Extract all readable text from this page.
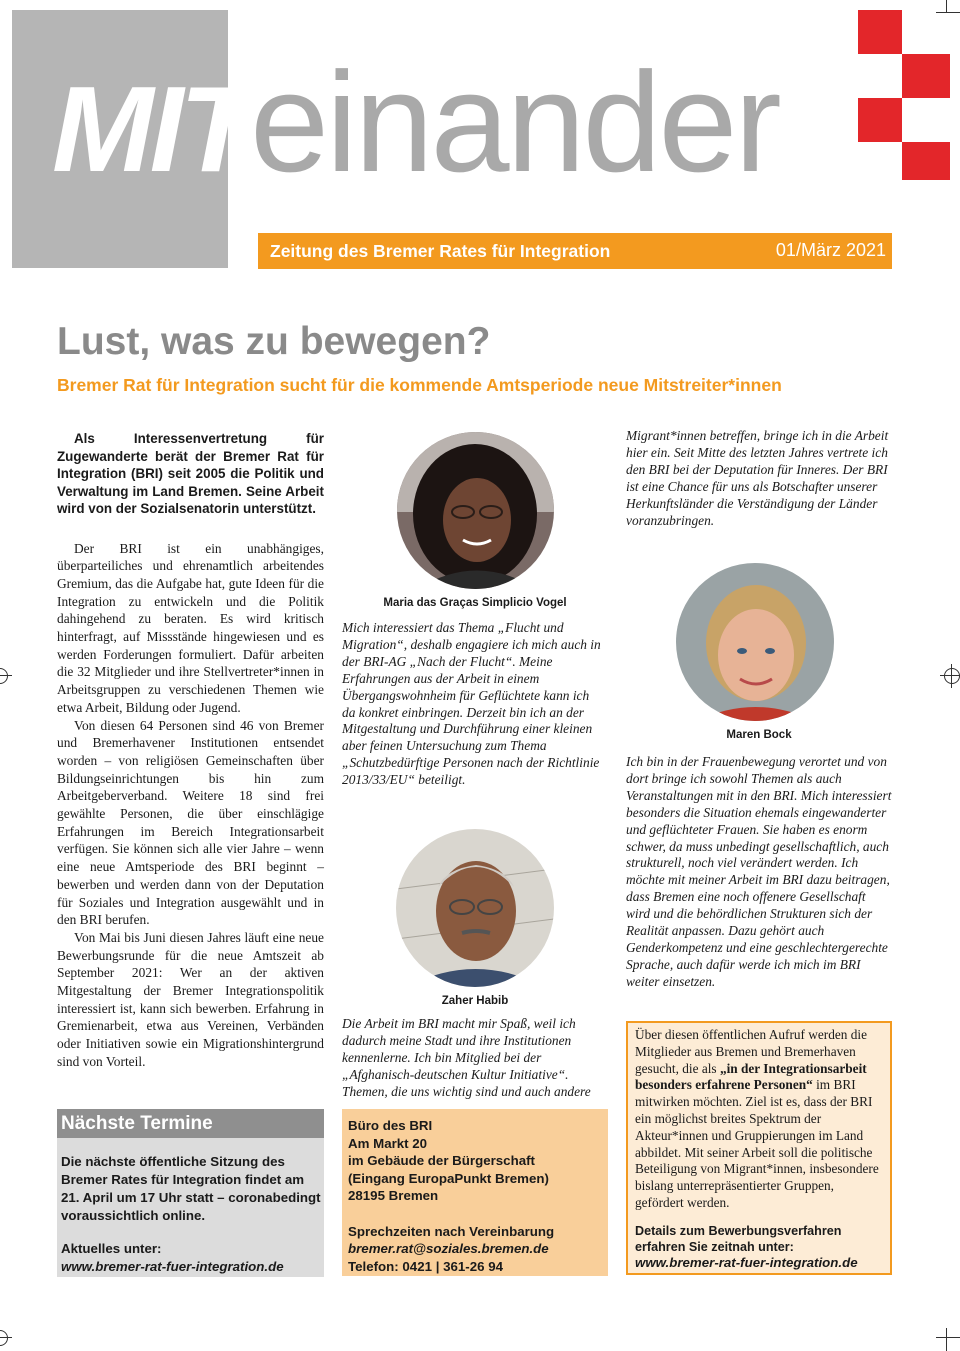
MITeinander
Zeitung des Bremer Rates für Integration	01/März 2021
Lust, was zu bewegen?
Bremer Rat für Integration sucht für die kommende Amtsperiode neue Mitstreiter*innen

Als Interessenvertretung für Zugewanderte berät der Bremer Rat für Integration (BRI) seit 2005 die Politik und Verwaltung im Land Bremen. Seine Arbeit wird von der Sozialsenatorin unterstützt.

Der BRI ist ein unabhängiges, überparteiliches und ehrenamtlich arbeitendes Gremium, das die Aufgabe hat, gute Ideen für die Integration zu entwickeln und die Politik dahingehend zu beraten. Es wird kritisch hinterfragt, auf Missstände hingewiesen und es werden Forderungen formuliert. Dafür arbeiten die 32 Mitglieder und ihre Stellvertreter*innen in Arbeitsgruppen zu verschiedenen Themen wie etwa Arbeit, Bildung oder Jugend.

Von diesen 64 Personen sind 46 von Bremer und Bremerhavener Institutionen entsendet worden – von religiösen Gemeinschaften über Bildungseinrichtungen bis hin zum Arbeitgeberverband. Weitere 18 sind frei gewählte Personen, die über einschlägige Erfahrungen im Bereich Integrationsarbeit verfügen. Sie können sich alle vier Jahre – wenn eine neue Amtsperiode des BRI beginnt – bewerben und werden dann von der Deputation für Soziales und Integration ausgewählt und in den BRI berufen.

Von Mai bis Juni diesen Jahres läuft eine neue Bewerbungsrunde für die neue Amtszeit ab September 2021: Wer an der aktiven Mitgestaltung der Bremer Integrationspolitik interessiert ist, kann sich bewerben. Erfahrung in Gremienarbeit, etwa aus Vereinen, Verbänden oder Initiativen sowie ein Migrationshintergrund sind von Vorteil.

Maria das Graças Simplicio Vogel

Mich interessiert das Thema „Flucht und Migration“, deshalb engagiere ich mich auch in der BRI-AG „Nach der Flucht“. Meine Erfahrungen aus der Arbeit in einem Übergangswohnheim für Geflüchtete kann ich da konkret einbringen. Derzeit bin ich an der Mitgestaltung und Durchführung einer kleinen aber feinen Untersuchung zum Thema „Schutzbedürftige Personen nach der Richtlinie 2013/33/EU“ beteiligt.

Zaher Habib

Die Arbeit im BRI macht mir Spaß, weil ich dadurch meine Stadt und ihre Institutionen kennenlerne. Ich bin Mitglied bei der „Afghanisch-deutschen Kultur Initiative“. Themen, die uns wichtig sind und auch andere

Migrant*innen betreffen, bringe ich in die Arbeit hier ein. Seit Mitte des letzten Jahres vertrete ich den BRI bei der Deputation für Inneres. Der BRI ist eine Chance für uns als Botschafter unserer Herkunftsländer die Verständigung der Länder voranzubringen.

Maren Bock

Ich bin in der Frauenbewegung verortet und von dort bringe ich sowohl Themen als auch Veranstaltungen mit in den BRI. Mich interessiert besonders die Situation ehemals eingewanderter und geflüchteter Frauen. Sie haben es enorm schwer, da muss unbedingt gesellschaftlich, auch strukturell, noch viel verändert werden. Ich möchte mit meiner Arbeit im BRI dazu beitragen, dass Bremen eine noch offenere Gesellschaft wird und die behördlichen Strukturen sich der Realität anpassen. Dazu gehört auch Genderkompetenz und eine geschlechtergerechte Sprache, auch dafür werde ich mich im BRI weiter einsetzen.

Nächste Termine
Die nächste öffentliche Sitzung des Bremer Rates für Integration findet am 21. April um 17 Uhr statt – coronabedingt voraussichtlich online.
Aktuelles unter:
www.bremer-rat-fuer-integration.de
Büro des BRI
Am Markt 20
im Gebäude der Bürgerschaft
(Eingang EuropaPunkt Bremen)
28195 Bremen
Sprechzeiten nach Vereinbarung
bremer.rat@soziales.bremen.de
Telefon: 0421 | 361-26 94
Über diesen öffentlichen Aufruf werden die Mitglieder aus Bremen und Bremerhaven gesucht, die als „in der Integrationsarbeit besonders erfahrene Personen“ im BRI mitwirken möchten. Ziel ist es, dass der BRI ein möglichst breites Spektrum der Akteur*innen und Gruppierungen im Land abbildet. Mit seiner Arbeit soll die politische Beteiligung von Migrant*innen, insbesondere bislang unterrepräsentierter Gruppen, gefördert werden.
Details zum Bewerbungsverfahren erfahren Sie zeitnah unter:
www.bremer-rat-fuer-integration.de
